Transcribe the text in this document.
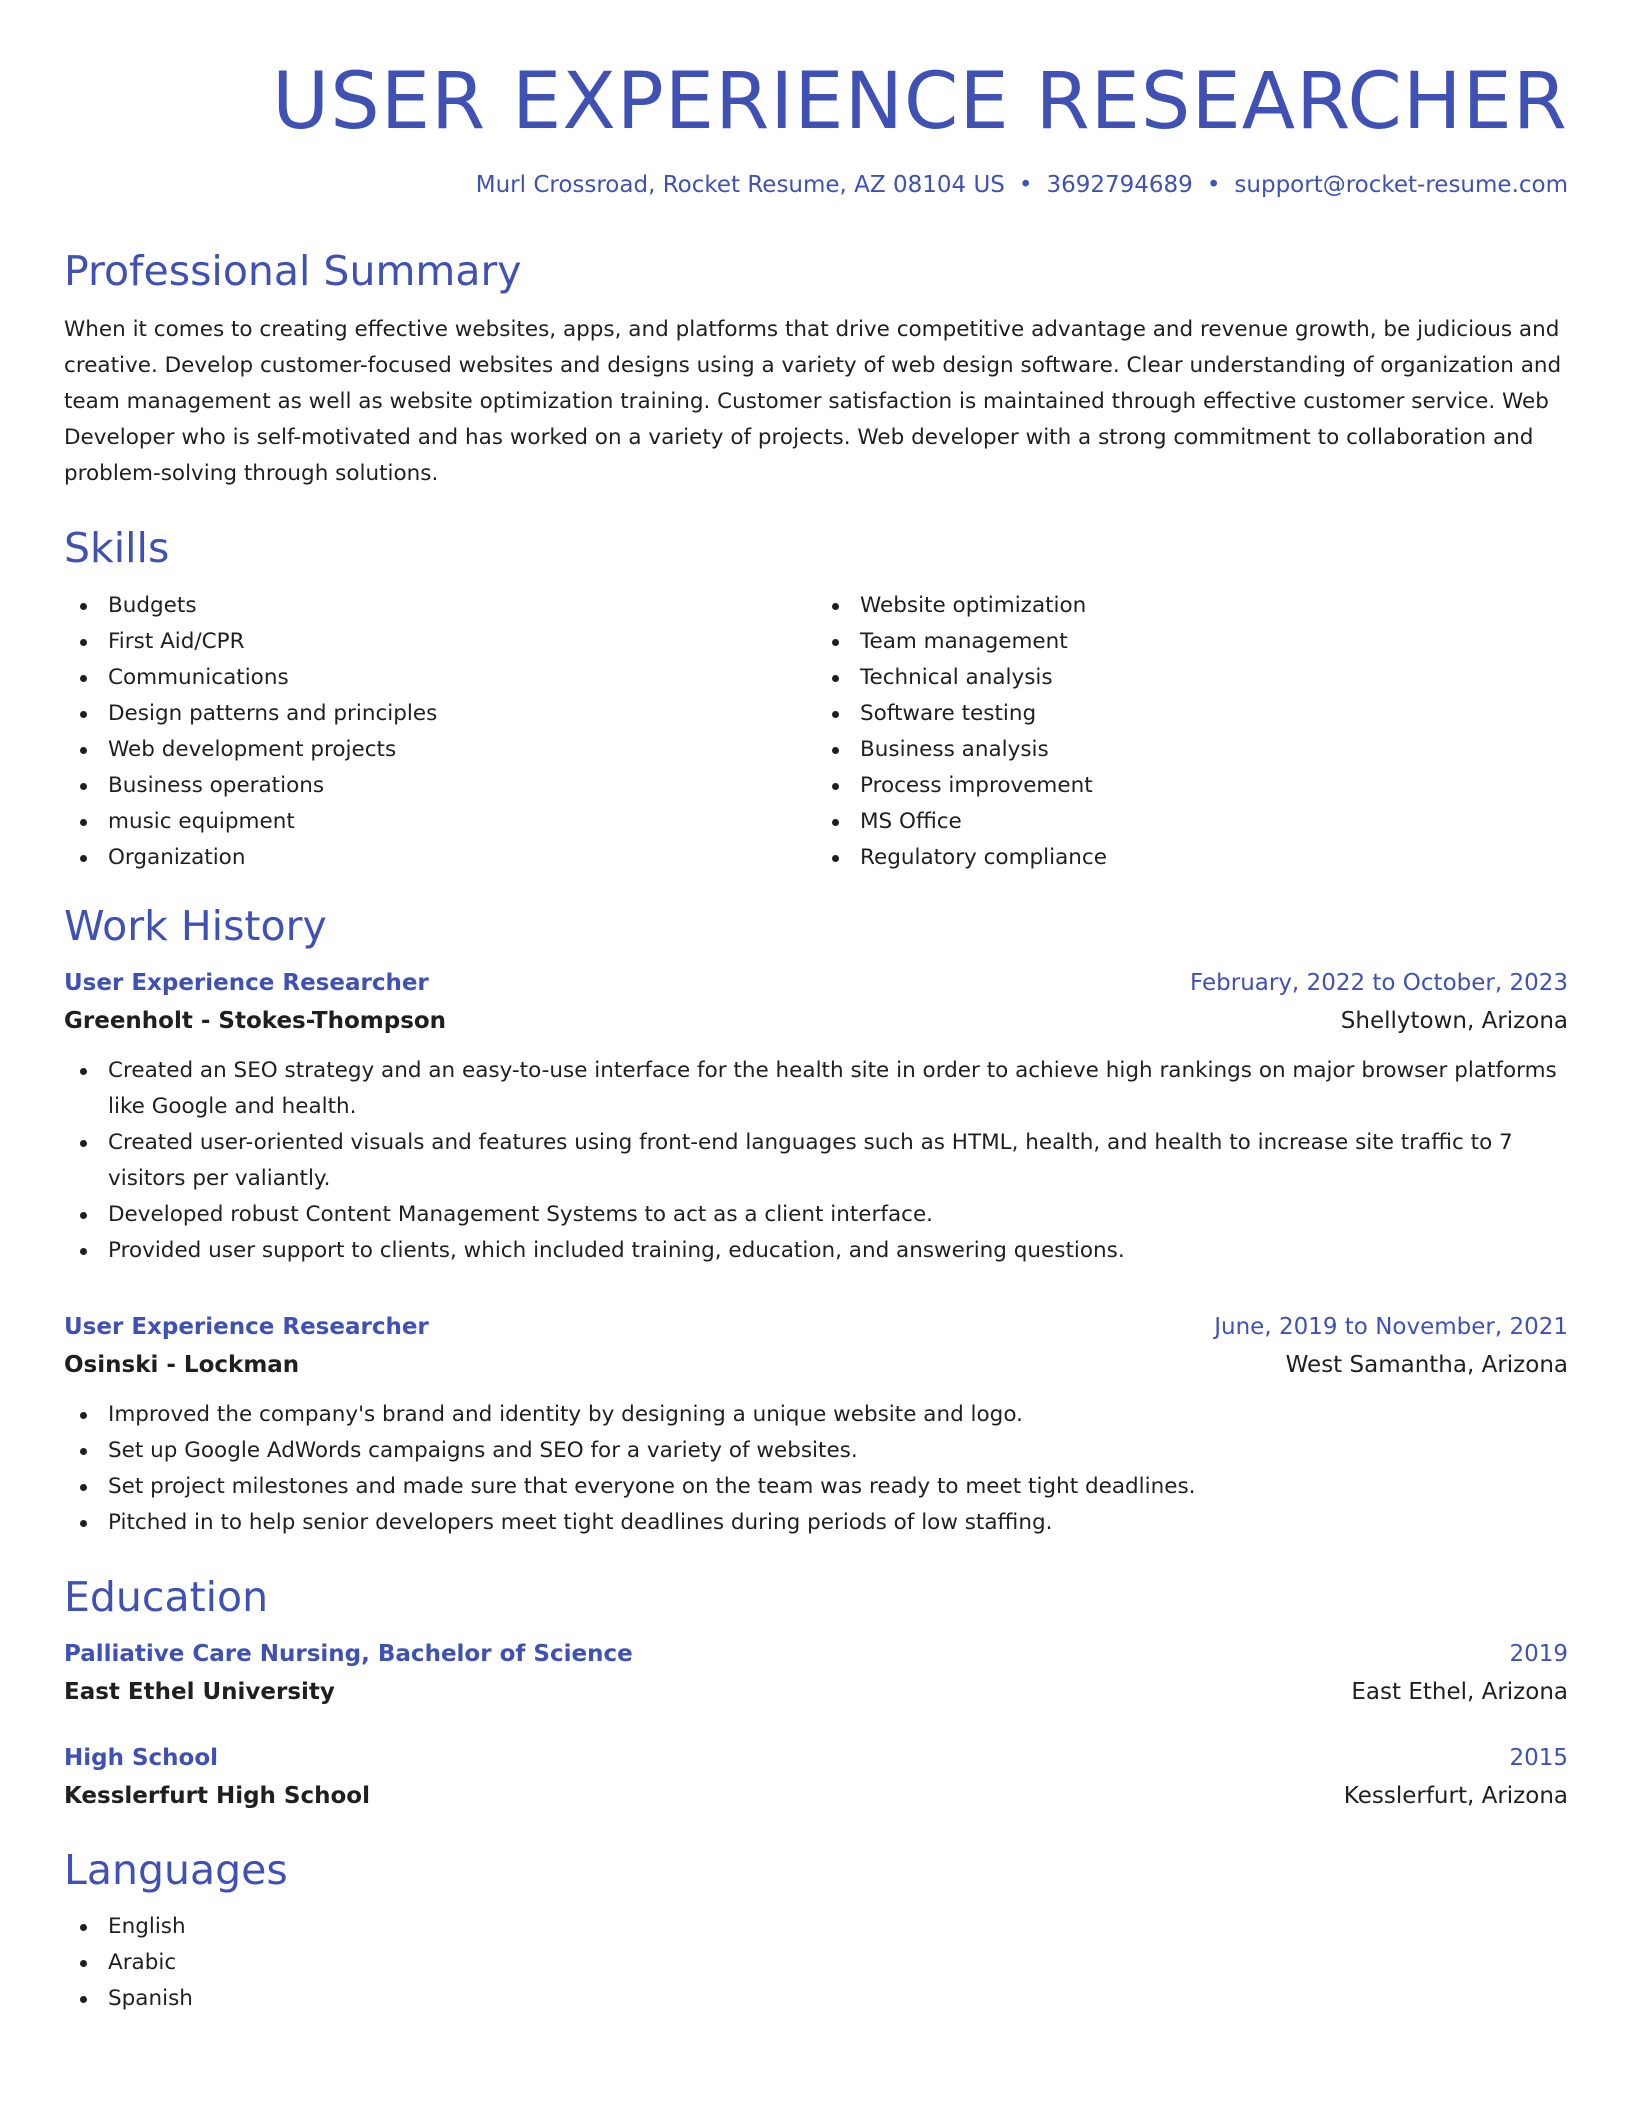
USER EXPERIENCE RESEARCHER
Murl Crossroad, Rocket Resume, AZ 08104 US • 3692794689 • support@rocket-resume.com
Professional Summary

When it comes to creating effective websites, apps, and platforms that drive competitive advantage and revenue growth, be judicious and creative. Develop customer-focused websites and designs using a variety of web design software. Clear understanding of organization and team management as well as website optimization training. Customer satisfaction is maintained through effective customer service. Web Developer who is self-motivated and has worked on a variety of projects. Web developer with a strong commitment to collaboration and problem-solving through solutions.

Skills
Budgets
First Aid/CPR
Communications
Design patterns and principles
Web development projects
Business operations
music equipment
Organization
Website optimization
Team management
Technical analysis
Software testing
Business analysis
Process improvement
MS Office
Regulatory compliance
Work History
User Experience Researcher	February, 2022 to October, 2023
Greenholt - Stokes-Thompson	Shellytown, Arizona
Created an SEO strategy and an easy-to-use interface for the health site in order to achieve high rankings on major browser platforms like Google and health.
Created user-oriented visuals and features using front-end languages such as HTML, health, and health to increase site traffic to 7 visitors per valiantly.
Developed robust Content Management Systems to act as a client interface.
Provided user support to clients, which included training, education, and answering questions.
User Experience Researcher	June, 2019 to November, 2021
Osinski - Lockman	West Samantha, Arizona
Improved the company's brand and identity by designing a unique website and logo.
Set up Google AdWords campaigns and SEO for a variety of websites.
Set project milestones and made sure that everyone on the team was ready to meet tight deadlines.
Pitched in to help senior developers meet tight deadlines during periods of low staffing.
Education
Palliative Care Nursing, Bachelor of Science	2019
East Ethel University	East Ethel, Arizona
High School	2015
Kesslerfurt High School	Kesslerfurt, Arizona
Languages
English
Arabic
Spanish
